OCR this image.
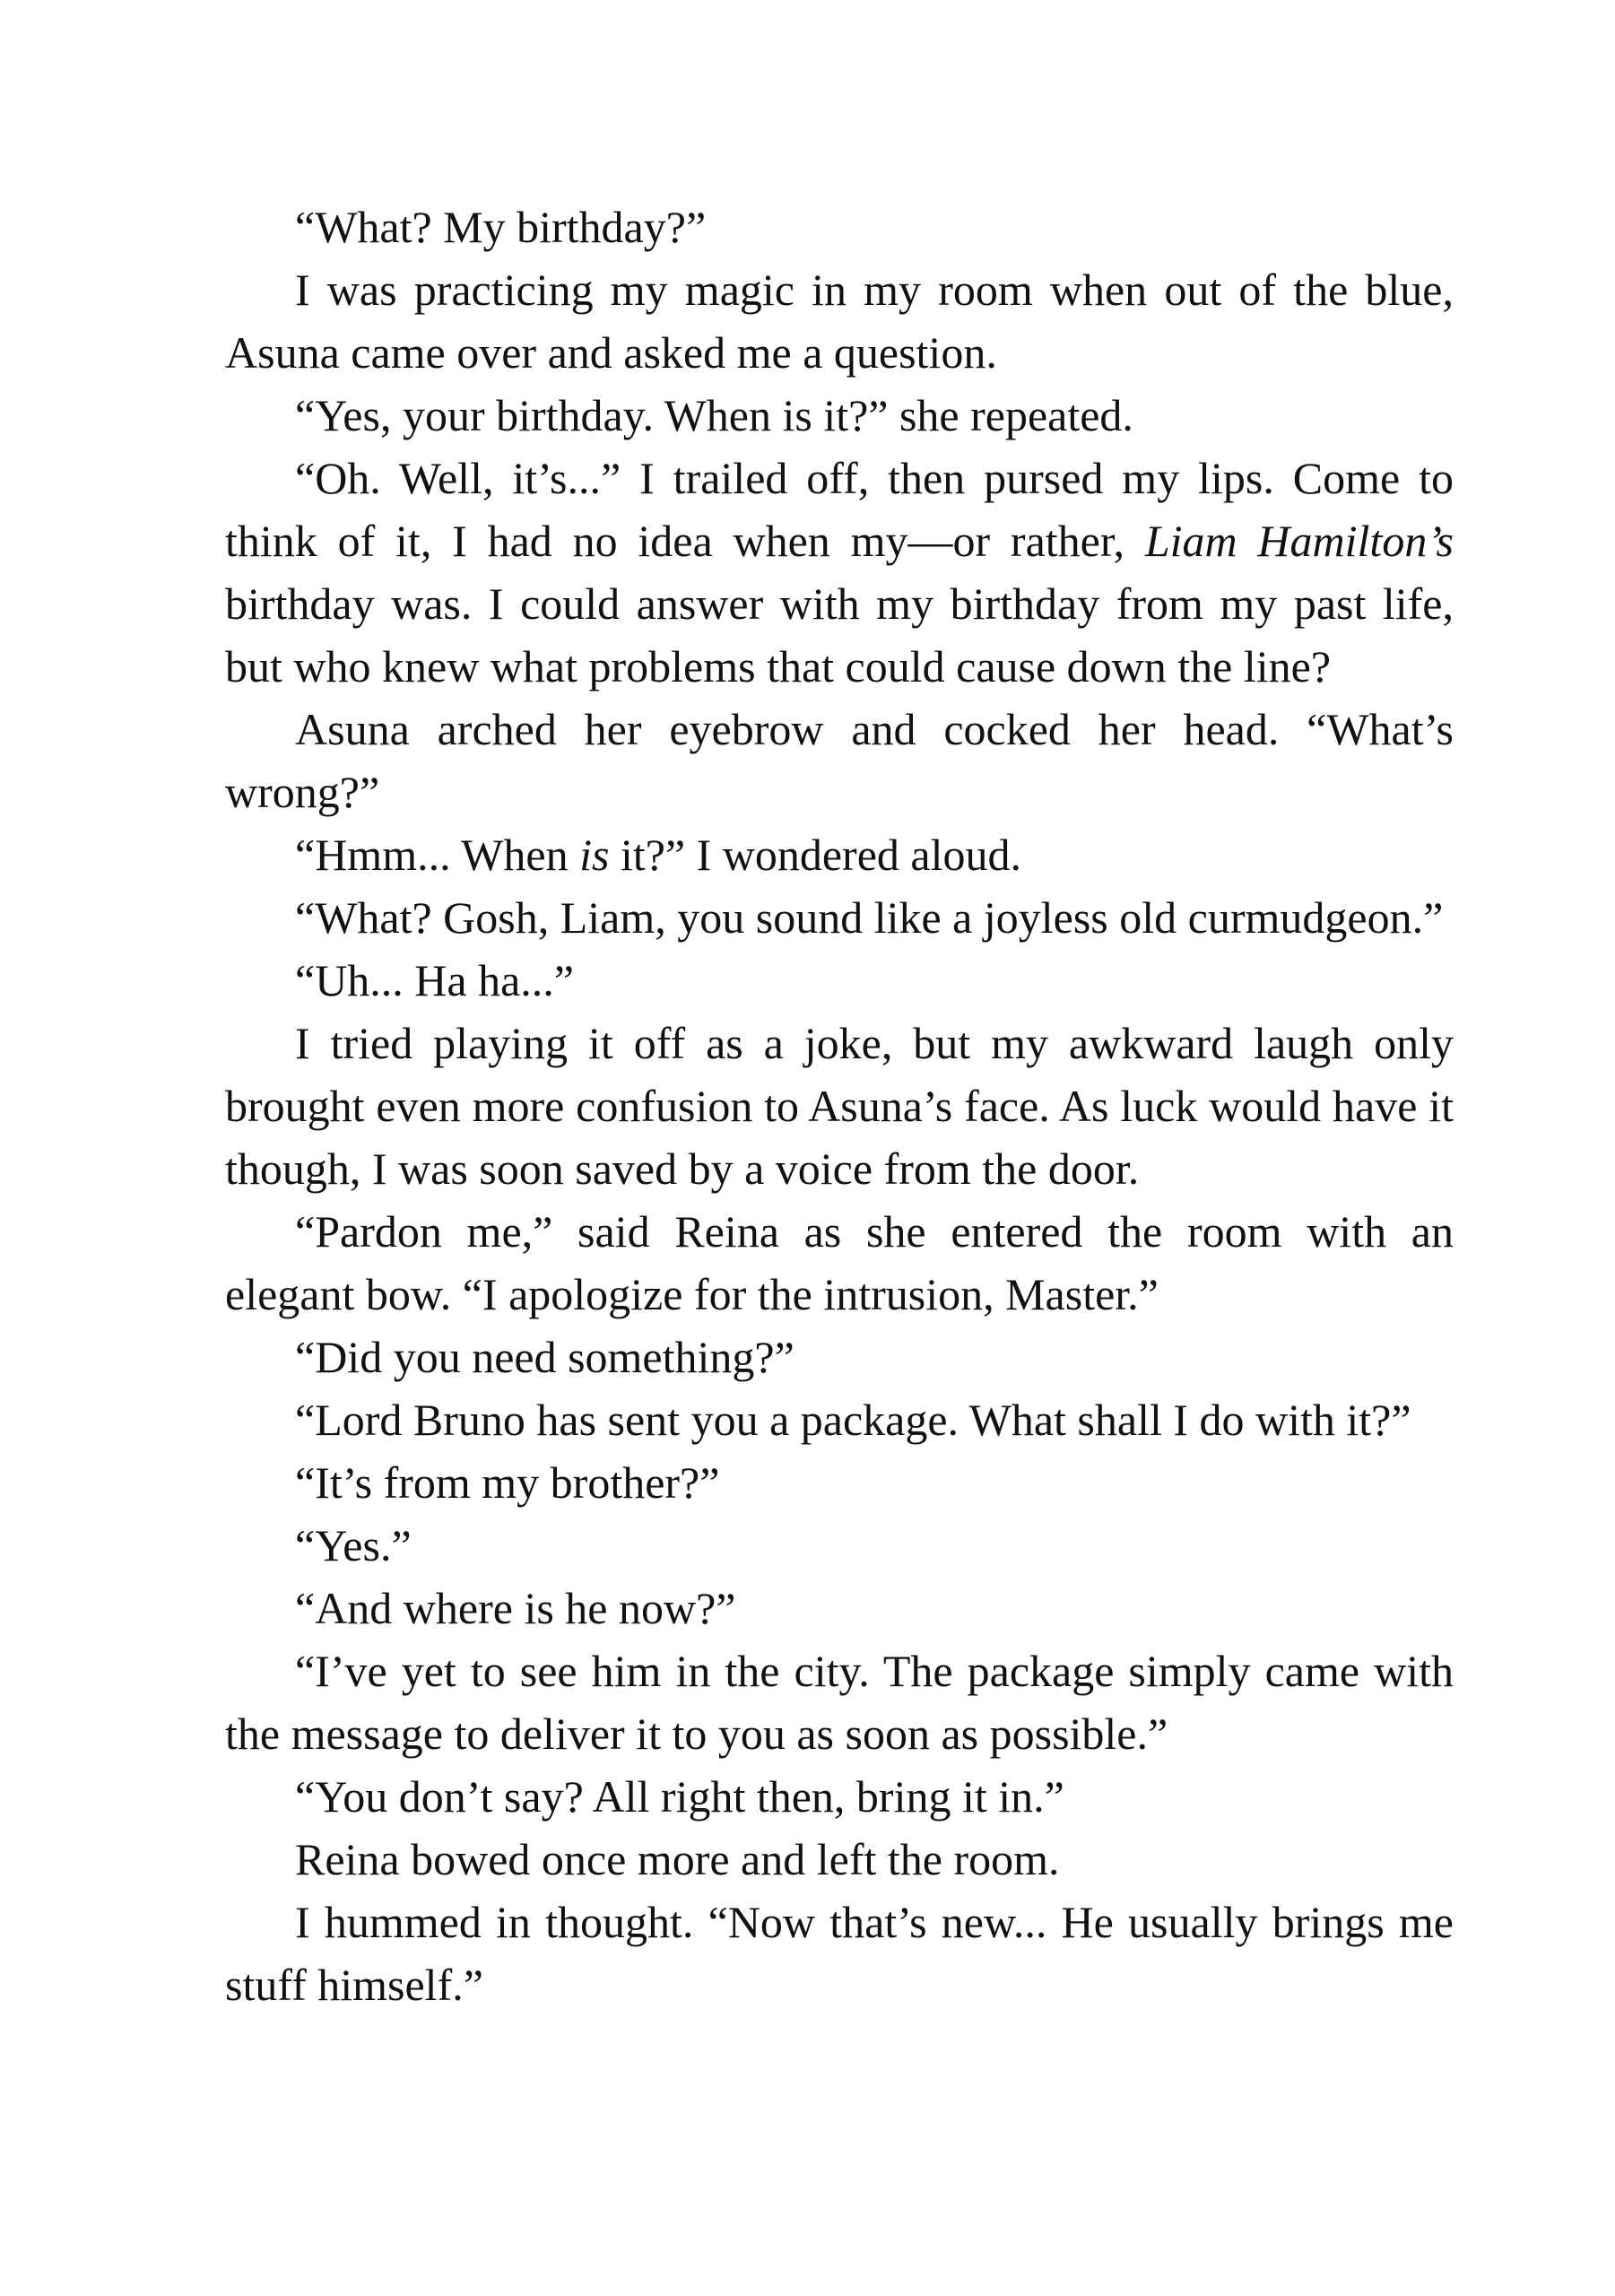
“What? My birthday?”

I was practicing my magic in my room when out of the blue, Asuna came over and asked me a question.

“Yes, your birthday. When is it?” she repeated.

“Oh. Well, it’s...” I trailed off, then pursed my lips. Come to think of it, I had no idea when my—or rather, Liam Hamilton’s birthday was. I could answer with my birthday from my past life, but who knew what problems that could cause down the line?

Asuna arched her eyebrow and cocked her head. “What’s wrong?”

“Hmm... When is it?” I wondered aloud.

“What? Gosh, Liam, you sound like a joyless old curmudgeon.”

“Uh... Ha ha...”

I tried playing it off as a joke, but my awkward laugh only brought even more confusion to Asuna’s face. As luck would have it though, I was soon saved by a voice from the door.

“Pardon me,” said Reina as she entered the room with an elegant bow. “I apologize for the intrusion, Master.”

“Did you need something?”

“Lord Bruno has sent you a package. What shall I do with it?”

“It’s from my brother?”

“Yes.”

“And where is he now?”

“I’ve yet to see him in the city. The package simply came with the message to deliver it to you as soon as possible.”

“You don’t say? All right then, bring it in.”

Reina bowed once more and left the room.

I hummed in thought. “Now that’s new... He usually brings me stuff himself.”
